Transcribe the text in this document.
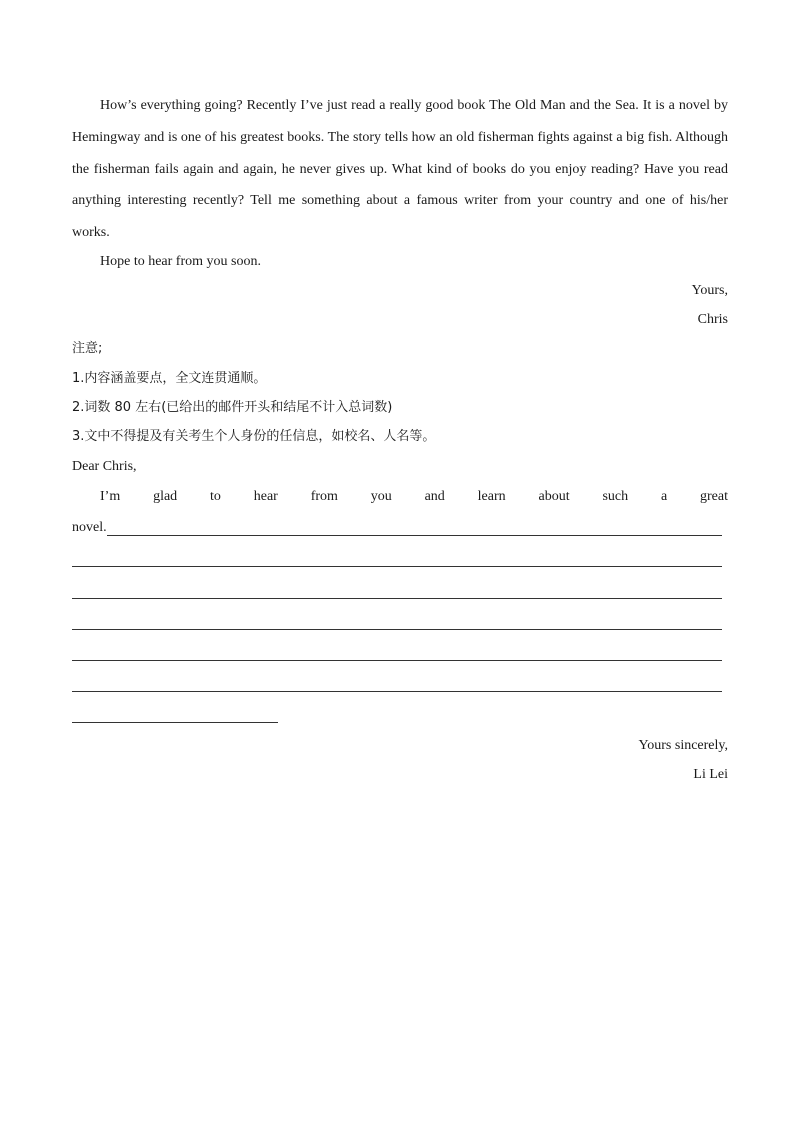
How’s everything going? Recently I’ve just read a really good book The Old Man and the Sea. It is a novel by
Hemingway and is one of his greatest books. The story tells how an old fisherman fights against a big fish. Although
the fisherman fails again and again, he never gives up. What kind of books do you enjoy reading? Have you read
anything interesting recently? Tell me something about a famous writer from your country and one of his/her
works.
Hope to hear from you soon.
Yours,
Chris
注意;
1.内容涵盖要点，全文连贯通顺。
2.词数 80 左右(已给出的邮件开头和结尾不计入总词数)
3.文中不得提及有关考生个人身份的任信息，如校名、人名等。
Dear Chris,
I’m glad to hear from you and learn about such a great
novel.
Yours sincerely,
Li Lei
